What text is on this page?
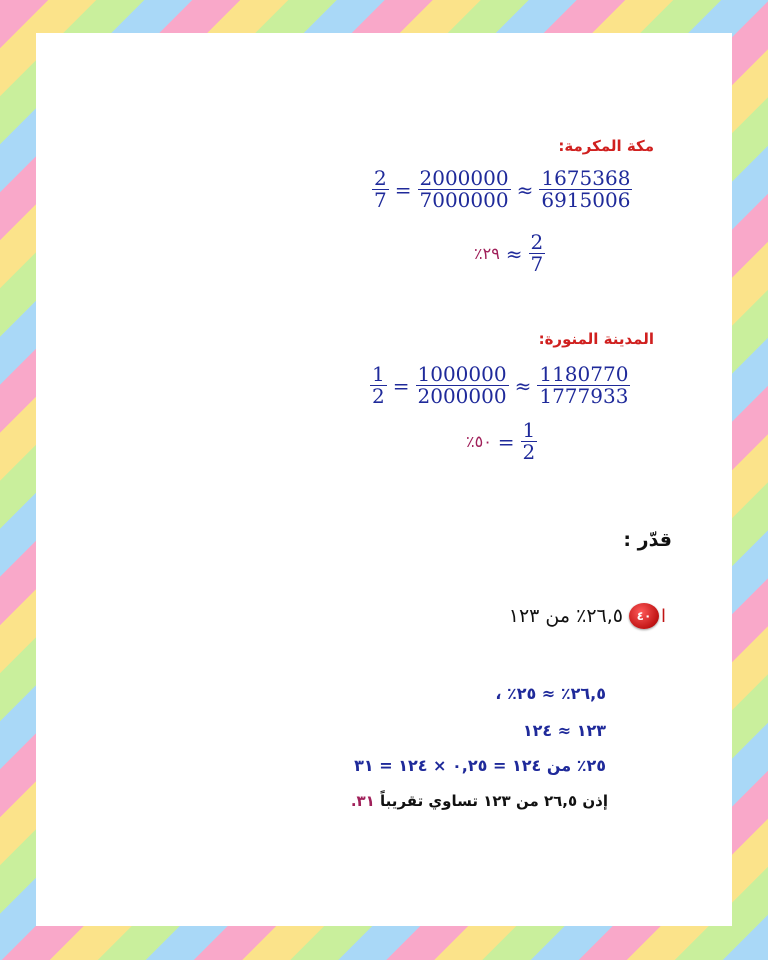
مكة المكرمة:
$\frac{2}{7} = \frac{2000000}{7000000} \approx \frac{1675368}{6915006}$
٢٩٪ ≈ $\frac{2}{7}$
المدينة المنورة:
$\frac{1}{2} = \frac{1000000}{2000000} \approx \frac{1180770}{1777933}$
٥٠٪ = $\frac{1}{2}$
قدّر :
٢٦,٥٪ من ١٢٣	٤٠ ا
٢٦,٥٪ ≈ ٢٥٪ ،
١٢٣ ≈ ١٢٤
٢٥٪ من ١٢٤ = ٠,٢٥ × ١٢٤ = ٣١
إذن ٢٦,٥ من ١٢٣ تساوي تقريباً ٣١.
